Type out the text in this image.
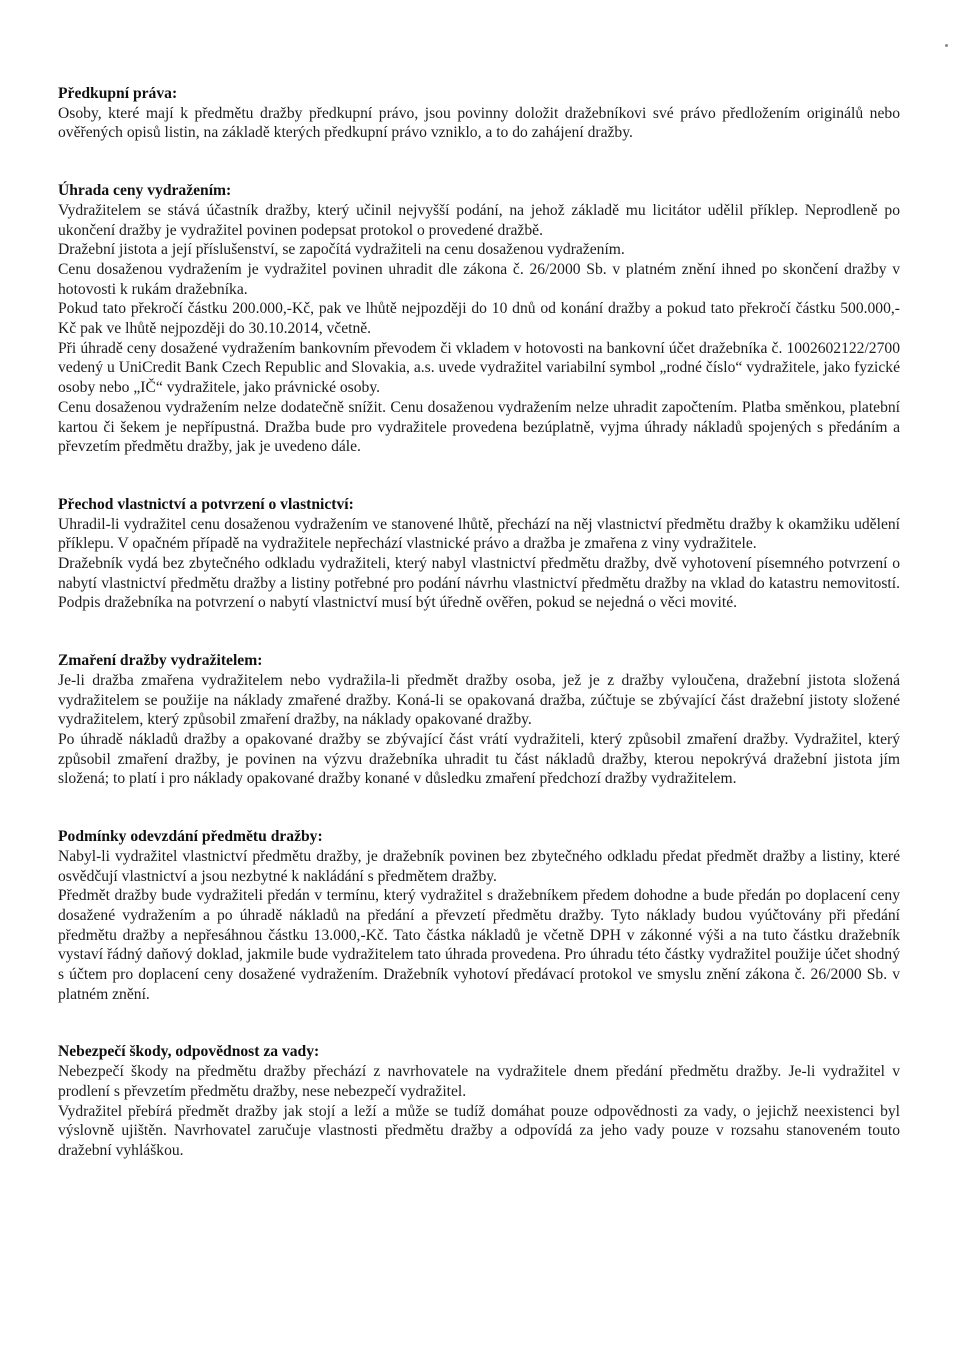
Předkupní práva:

Osoby, které mají k předmětu dražby předkupní právo, jsou povinny doložit dražebníkovi své právo předložením originálů nebo ověřených opisů listin, na základě kterých předkupní právo vzniklo, a to do zahájení dražby.

Úhrada ceny vydražením:

Vydražitelem se stává účastník dražby, který učinil nejvyšší podání, na jehož základě mu licitátor udělil příklep. Neprodleně po ukončení dražby je vydražitel povinen podepsat protokol o provedené dražbě.

Dražební jistota a její příslušenství, se započítá vydražiteli na cenu dosaženou vydražením.

Cenu dosaženou vydražením je vydražitel povinen uhradit dle zákona č. 26/2000 Sb. v platném znění ihned po skončení dražby v hotovosti k rukám dražebníka.

Pokud tato překročí částku 200.000,-Kč, pak ve lhůtě nejpozději do 10 dnů od konání dražby a pokud tato překročí částku 500.000,- Kč pak ve lhůtě nejpozději do 30.10.2014, včetně.

Při úhradě ceny dosažené vydražením bankovním převodem či vkladem v hotovosti na bankovní účet dražebníka č. 1002602122/2700 vedený u UniCredit Bank Czech Republic and Slovakia, a.s. uvede vydražitel variabilní symbol „rodné číslo“ vydražitele, jako fyzické osoby nebo „IČ“ vydražitele, jako právnické osoby.

Cenu dosaženou vydražením nelze dodatečně snížit. Cenu dosaženou vydražením nelze uhradit započtením. Platba směnkou, platební kartou či šekem je nepřípustná. Dražba bude pro vydražitele provedena bezúplatně, vyjma úhrady nákladů spojených s předáním a převzetím předmětu dražby, jak je uvedeno dále.

Přechod vlastnictví a potvrzení o vlastnictví:

Uhradil-li vydražitel cenu dosaženou vydražením ve stanovené lhůtě, přechází na něj vlastnictví předmětu dražby k okamžiku udělení příklepu. V opačném případě na vydražitele nepřechází vlastnické právo a dražba je zmařena z viny vydražitele.

Dražebník vydá bez zbytečného odkladu vydražiteli, který nabyl vlastnictví předmětu dražby, dvě vyhotovení písemného potvrzení o nabytí vlastnictví předmětu dražby a listiny potřebné pro podání návrhu vlastnictví předmětu dražby na vklad do katastru nemovitostí. Podpis dražebníka na potvrzení o nabytí vlastnictví musí být úředně ověřen, pokud se nejedná o věci movité.

Zmaření dražby vydražitelem:

Je-li dražba zmařena vydražitelem nebo vydražila-li předmět dražby osoba, jež je z dražby vyloučena, dražební jistota složená vydražitelem se použije na náklady zmařené dražby. Koná-li se opakovaná dražba, zúčtuje se zbývající část dražební jistoty složené vydražitelem, který způsobil zmaření dražby, na náklady opakované dražby.

Po úhradě nákladů dražby a opakované dražby se zbývající část vrátí vydražiteli, který způsobil zmaření dražby. Vydražitel, který způsobil zmaření dražby, je povinen na výzvu dražebníka uhradit tu část nákladů dražby, kterou nepokrývá dražební jistota jím složená; to platí i pro náklady opakované dražby konané v důsledku zmaření předchozí dražby vydražitelem.

Podmínky odevzdání předmětu dražby:

Nabyl-li vydražitel vlastnictví předmětu dražby, je dražebník povinen bez zbytečného odkladu předat předmět dražby a listiny, které osvědčují vlastnictví a jsou nezbytné k nakládání s předmětem dražby.

Předmět dražby bude vydražiteli předán v termínu, který vydražitel s dražebníkem předem dohodne a bude předán po doplacení ceny dosažené vydražením a po úhradě nákladů na předání a převzetí předmětu dražby. Tyto náklady budou vyúčtovány při předání předmětu dražby a nepřesáhnou částku 13.000,-Kč. Tato částka nákladů je včetně DPH v zákonné výši a na tuto částku dražebník vystaví řádný daňový doklad, jakmile bude vydražitelem tato úhrada provedena. Pro úhradu této částky vydražitel použije účet shodný s účtem pro doplacení ceny dosažené vydražením. Dražebník vyhotoví předávací protokol ve smyslu znění zákona č. 26/2000 Sb. v platném znění.

Nebezpečí škody, odpovědnost za vady:

Nebezpečí škody na předmětu dražby přechází z navrhovatele na vydražitele dnem předání předmětu dražby. Je-li vydražitel v prodlení s převzetím předmětu dražby, nese nebezpečí vydražitel.

Vydražitel přebírá předmět dražby jak stojí a leží a může se tudíž domáhat pouze odpovědnosti za vady, o jejichž neexistenci byl výslovně ujištěn. Navrhovatel zaručuje vlastnosti předmětu dražby a odpovídá za jeho vady pouze v rozsahu stanoveném touto dražební vyhláškou.
